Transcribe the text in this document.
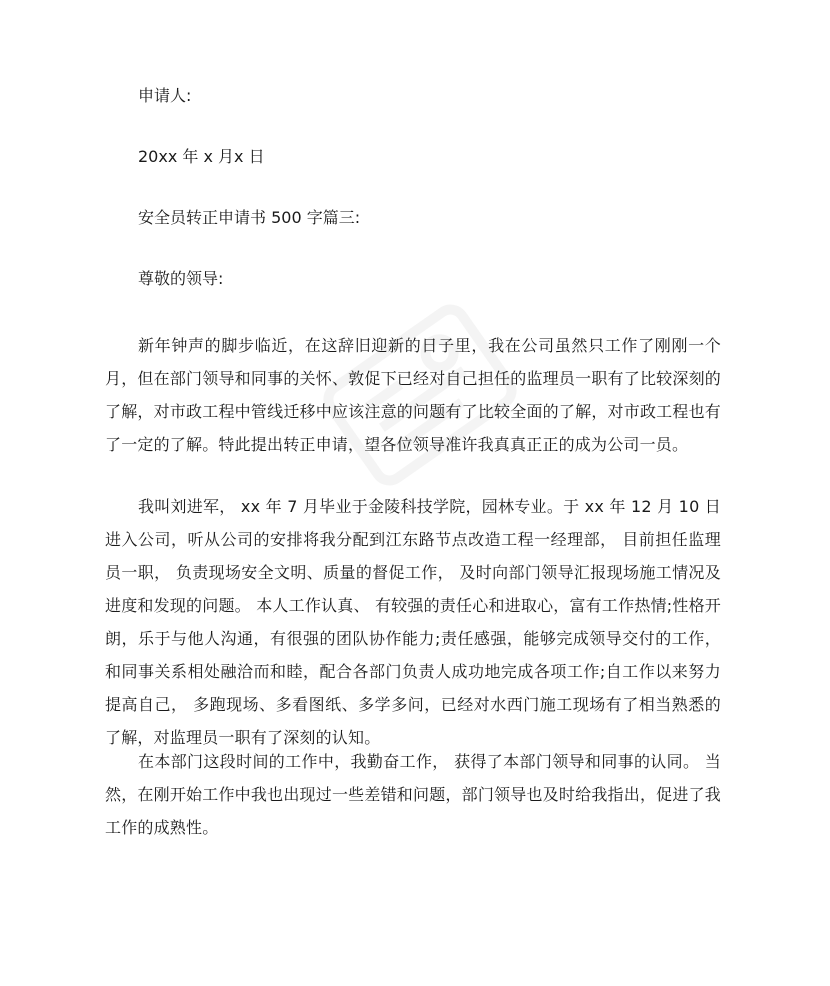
申请人:
20xx 年 x 月x 日
安全员转正申请书 500 字篇三:
尊敬的领导:

新年钟声的脚步临近，在这辞旧迎新的日子里，我在公司虽然只工作了刚刚一个月，但在部门领导和同事的关怀、敦促下已经对自己担任的监理员一职有了比较深刻的了解，对市政工程中管线迁移中应该注意的问题有了比较全面的了解，对市政工程也有了一定的了解。特此提出转正申请，望各位领导准许我真真正正的成为公司一员。

我叫刘进军， xx 年 7 月毕业于金陵科技学院，园林专业。于 xx 年 12 月 10 日进入公司，听从公司的安排将我分配到江东路节点改造工程一经理部， 目前担任监理员一职， 负责现场安全文明、质量的督促工作， 及时向部门领导汇报现场施工情况及进度和发现的问题。 本人工作认真、 有较强的责任心和进取心，富有工作热情;性格开朗，乐于与他人沟通，有很强的团队协作能力;责任感强，能够完成领导交付的工作，和同事关系相处融洽而和睦，配合各部门负责人成功地完成各项工作;自工作以来努力提高自己， 多跑现场、多看图纸、多学多问，已经对水西门施工现场有了相当熟悉的了解，对监理员一职有了深刻的认知。

在本部门这段时间的工作中，我勤奋工作， 获得了本部门领导和同事的认同。 当然，在刚开始工作中我也出现过一些差错和问题，部门领导也及时给我指出，促进了我工作的成熟性。
